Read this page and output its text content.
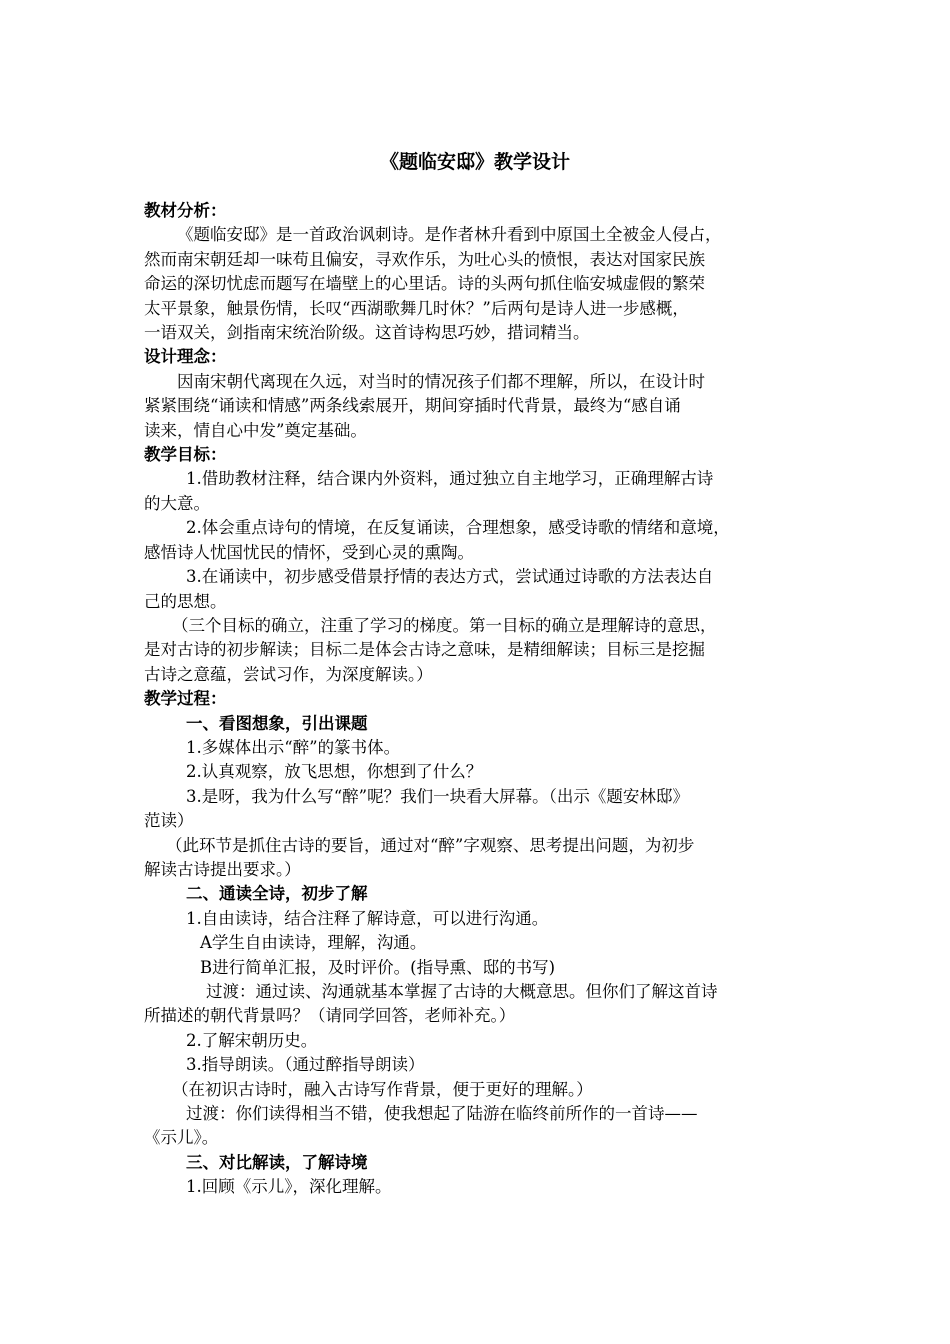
《题临安邸》教学设计

教材分析：

《题临安邸》是一首政治讽刺诗。是作者林升看到中原国土全被金人侵占，

然而南宋朝廷却一味苟且偏安，寻欢作乐，为吐心头的愤恨，表达对国家民族

命运的深切忧虑而题写在墙壁上的心里话。诗的头两句抓住临安城虚假的繁荣

太平景象，触景伤情，长叹“西湖歌舞几时休？”后两句是诗人进一步感概，

一语双关，剑指南宋统治阶级。这首诗构思巧妙，措词精当。

设计理念：

因南宋朝代离现在久远，对当时的情况孩子们都不理解，所以，在设计时

紧紧围绕“诵读和情感”两条线索展开，期间穿插时代背景，最终为“感自诵

读来，情自心中发”奠定基础。

教学目标：

1.借助教材注释，结合课内外资料，通过独立自主地学习，正确理解古诗

的大意。

2.体会重点诗句的情境，在反复诵读，合理想象，感受诗歌的情绪和意境，

感悟诗人忧国忧民的情怀，受到心灵的熏陶。

3.在诵读中，初步感受借景抒情的表达方式，尝试通过诗歌的方法表达自

己的思想。

（三个目标的确立，注重了学习的梯度。第一目标的确立是理解诗的意思，

是对古诗的初步解读；目标二是体会古诗之意味，是精细解读；目标三是挖掘

古诗之意蕴，尝试习作，为深度解读。）

教学过程：

一、看图想象，引出课题

1.多媒体出示“醉”的篆书体。

2.认真观察，放飞思想，你想到了什么？

3.是呀，我为什么写“醉”呢？我们一块看大屏幕。（出示《题安林邸》

范读）

（此环节是抓住古诗的要旨，通过对“醉”字观察、思考提出问题，为初步

解读古诗提出要求。）

二、通读全诗，初步了解

1.自由读诗，结合注释了解诗意，可以进行沟通。

A学生自由读诗，理解，沟通。

B进行简单汇报，及时评价。(指导熏、邸的书写)

过渡：通过读、沟通就基本掌握了古诗的大概意思。但你们了解这首诗

所描述的朝代背景吗？（请同学回答，老师补充。）

2.了解宋朝历史。

3.指导朗读。（通过醉指导朗读）

（在初识古诗时，融入古诗写作背景，便于更好的理解。）

过渡：你们读得相当不错，使我想起了陆游在临终前所作的一首诗——

《示儿》。

三、对比解读，了解诗境

1.回顾《示儿》，深化理解。
